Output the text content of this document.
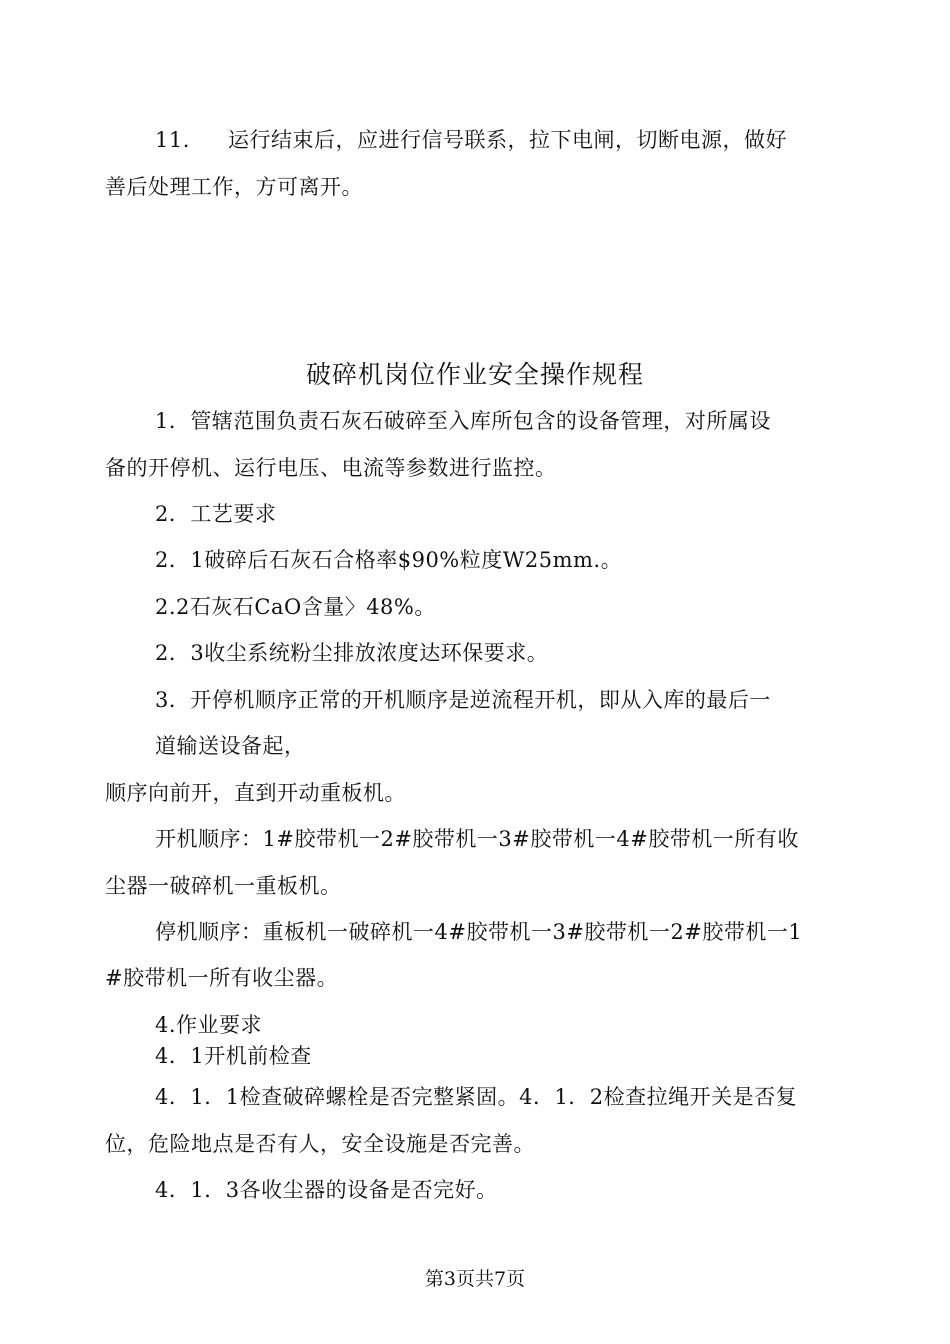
11. 运行结束后，应进行信号联系，拉下电闸，切断电源，做好
善后处理工作，方可离开。
破碎机岗位作业安全操作规程
1．管辖范围负责石灰石破碎至入库所包含的设备管理，对所属设
备的开停机、运行电压、电流等参数进行监控。
2．工艺要求
2．1破碎后石灰石合格率$90%粒度W25mm.。
2.2石灰石CaO含量〉48%。
2．3收尘系统粉尘排放浓度达环保要求。
3．开停机顺序正常的开机顺序是逆流程开机，即从入库的最后一
道输送设备起，
顺序向前开，直到开动重板机。
开机顺序：1#胶带机一2#胶带机一3#胶带机一4#胶带机一所有收
尘器一破碎机一重板机。
停机顺序：重板机一破碎机一4#胶带机一3#胶带机一2#胶带机一1
#胶带机一所有收尘器。
4.作业要求
4．1开机前检查
4．1．1检查破碎螺栓是否完整紧固。4．1．2检查拉绳开关是否复
位，危险地点是否有人，安全设施是否完善。
4．1．3各收尘器的设备是否完好。
第3页共7页
